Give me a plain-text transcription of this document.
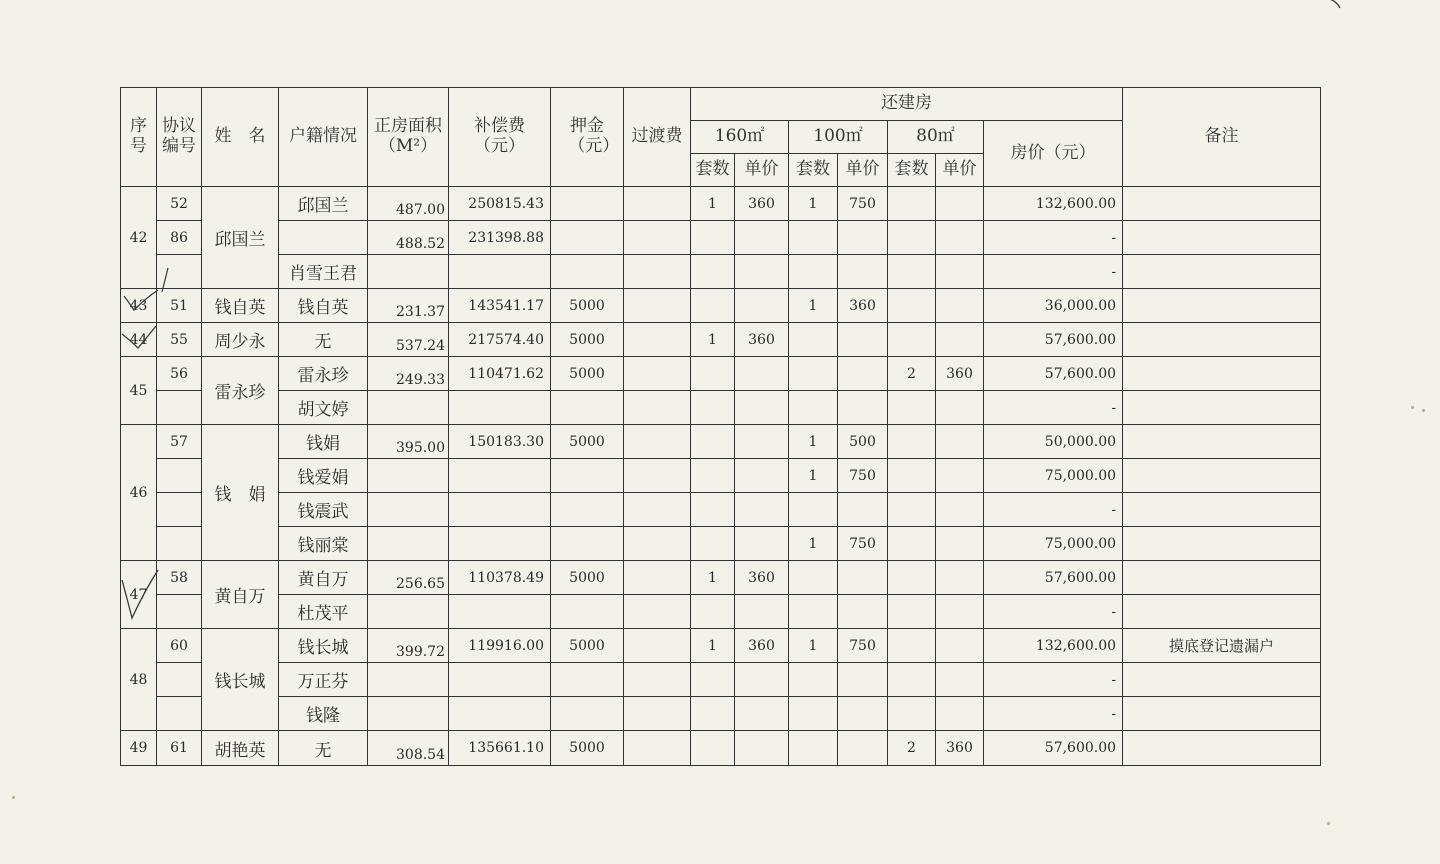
序号	协议编号	姓　名	户籍情况	正房面积（M²）	补偿费（元）	押金（元）	过渡费	还建房							备注
								160㎡		100㎡		80㎡		房价（元）	
								套数	单价	套数	单价	套数	单价		
42	52	邱国兰	邱国兰	487.00	250815.43			1	360	1	750			132,600.00	
	86			488.52	231398.88									-	
			肖雪王君											-	
43	51	钱自英	钱自英	231.37	143541.17	5000				1	360			36,000.00	
44	55	周少永	无	537.24	217574.40	5000		1	360					57,600.00	
45	56	雷永珍	雷永珍	249.33	110471.62	5000						2	360	57,600.00	
			胡文婷											-	
46	57	钱　娟	钱娟	395.00	150183.30	5000				1	500			50,000.00	
			钱爱娟							1	750			75,000.00	
			钱震武											-	
			钱丽棠							1	750			75,000.00	
47	58	黄自万	黄自万	256.65	110378.49	5000		1	360					57,600.00	
			杜茂平											-	
48	60	钱长城	钱长城	399.72	119916.00	5000		1	360	1	750			132,600.00	摸底登记遗漏户
			万正芬											-	
			钱隆											-	
49	61	胡艳英	无	308.54	135661.10	5000						2	360	57,600.00	
